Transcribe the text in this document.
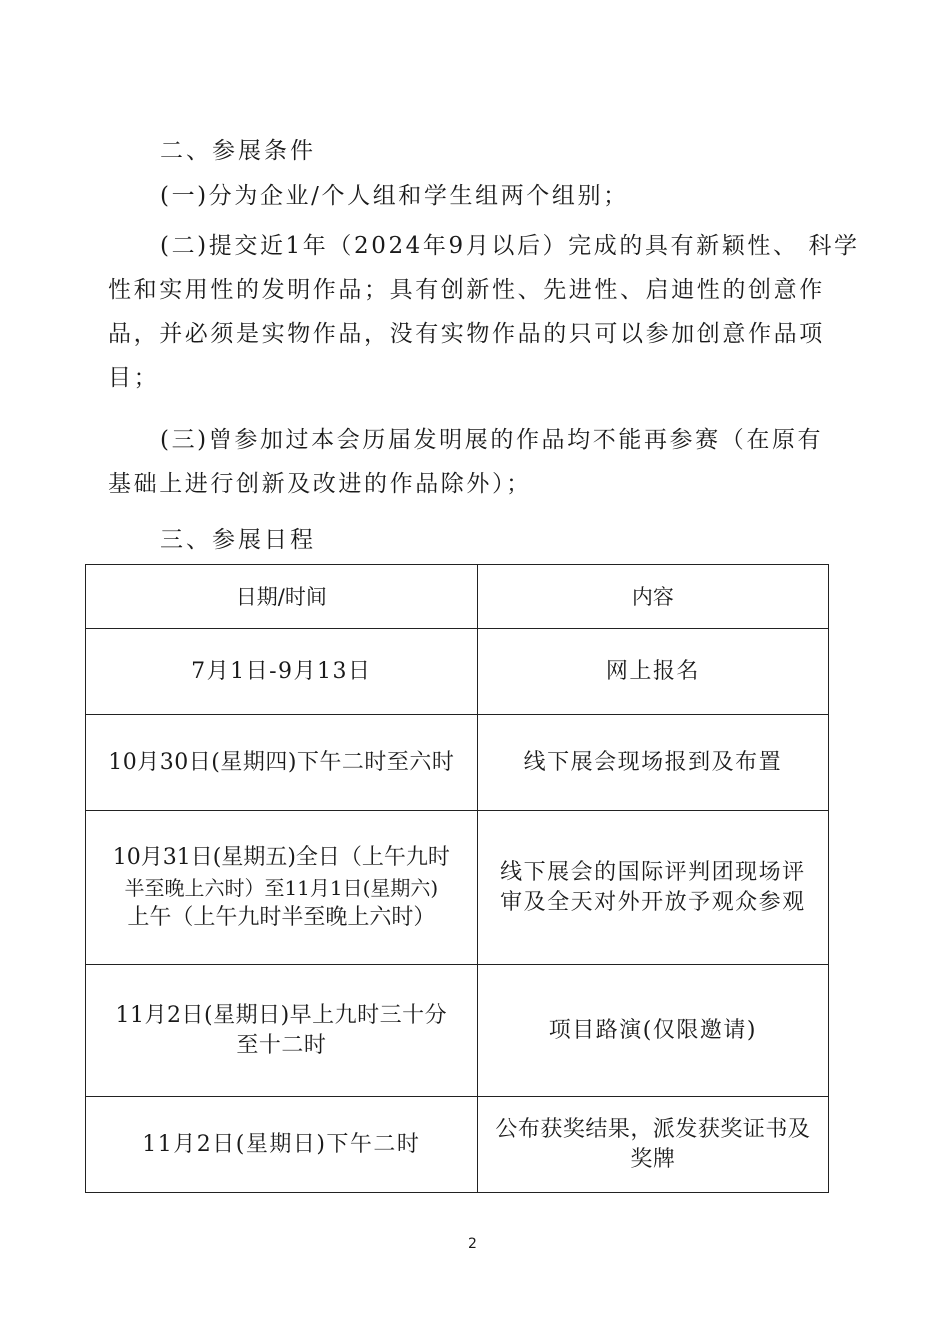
二、参展条件

(一)分为企业/个人组和学生组两个组别；

(二)提交近1年（2024年9月以后）完成的具有新颖性、 科学
性和实用性的发明作品；具有创新性、先进性、启迪性的创意作
品，并必须是实物作品，没有实物作品的只可以参加创意作品项
目；
(三)曾参加过本会历届发明展的作品均不能再参赛（在原有
基础上进行创新及改进的作品除外）；
三、参展日程
日期/时间	内容

7月1日-9月13日	网上报名

10月30日(星期四)下午二时至六时	线下展会现场报到及布置

10月31日(星期五)全日（上午九时
半至晚上六时）至11月1日(星期六)
上午（上午九时半至晚上六时）	线下展会的国际评判团现场评
审及全天对外开放予观众参观

11月2日(星期日)早上九时三十分
至十二时	项目路演(仅限邀请)

11月2日(星期日)下午二时	公布获奖结果，派发获奖证书及
奖牌
2
